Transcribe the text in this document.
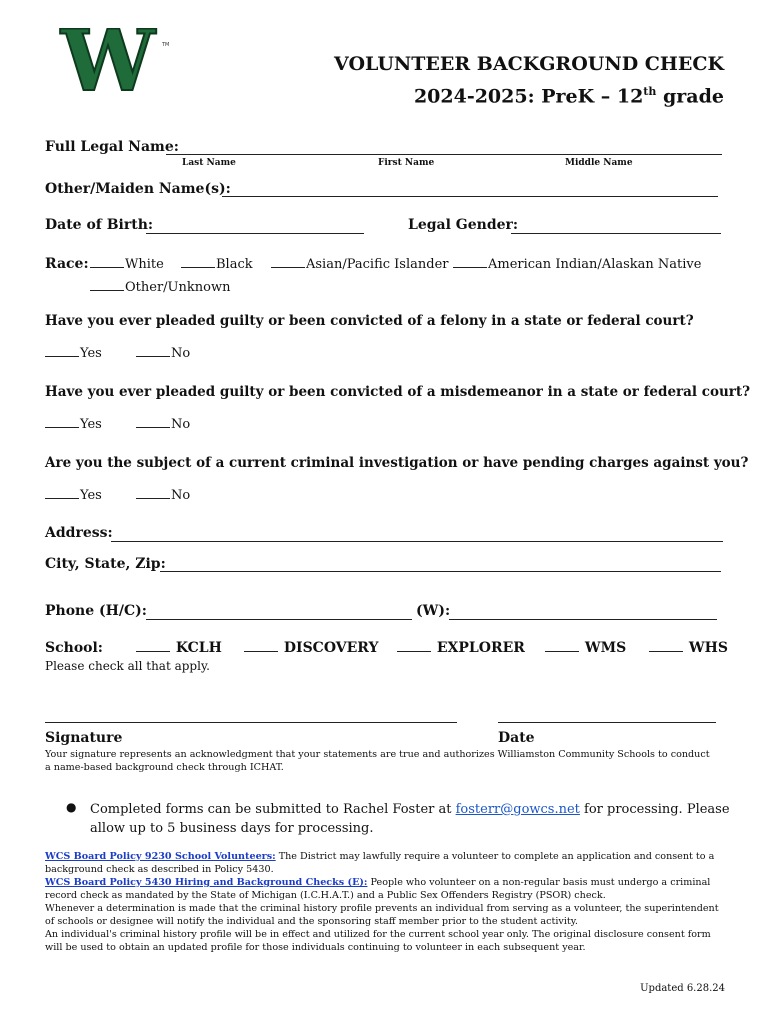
W	TM
VOLUNTEER BACKGROUND CHECK
2024-2025: PreK – 12th grade
Full Legal Name:
Last Name	First Name	Middle Name
Other/Maiden Name(s):
Date of Birth:	Legal Gender:
Race:	White	Black	Asian/Pacific Islander	American Indian/Alaskan Native
Other/Unknown
Have you ever pleaded guilty or been convicted of a felony in a state or federal court?
Yes	No
Have you ever pleaded guilty or been convicted of a misdemeanor in a state or federal court?
Yes	No
Are you the subject of a current criminal investigation or have pending charges against you?
Yes	No
Address:
City, State, Zip:
Phone (H/C):	(W):
School:	KCLH	DISCOVERY	EXPLORER	WMS	WHS
Please check all that apply.
Signature	Date
Your signature represents an acknowledgment that your statements are true and authorizes Williamston Community Schools to conduct a name-based background check through ICHAT.
● Completed forms can be submitted to Rachel Foster at fosterr@gowcs.net for processing. Please allow up to 5 business days for processing.
WCS Board Policy 9230 School Volunteers: The District may lawfully require a volunteer to complete an application and consent to a background check as described in Policy 5430.
WCS Board Policy 5430 Hiring and Background Checks (E): People who volunteer on a non-regular basis must undergo a criminal record check as mandated by the State of Michigan (I.C.H.A.T.) and a Public Sex Offenders Registry (PSOR) check.
Whenever a determination is made that the criminal history profile prevents an individual from serving as a volunteer, the superintendent of schools or designee will notify the individual and the sponsoring staff member prior to the student activity.
An individual's criminal history profile will be in effect and utilized for the current school year only. The original disclosure consent form will be used to obtain an updated profile for those individuals continuing to volunteer in each subsequent year.
Updated 6.28.24
